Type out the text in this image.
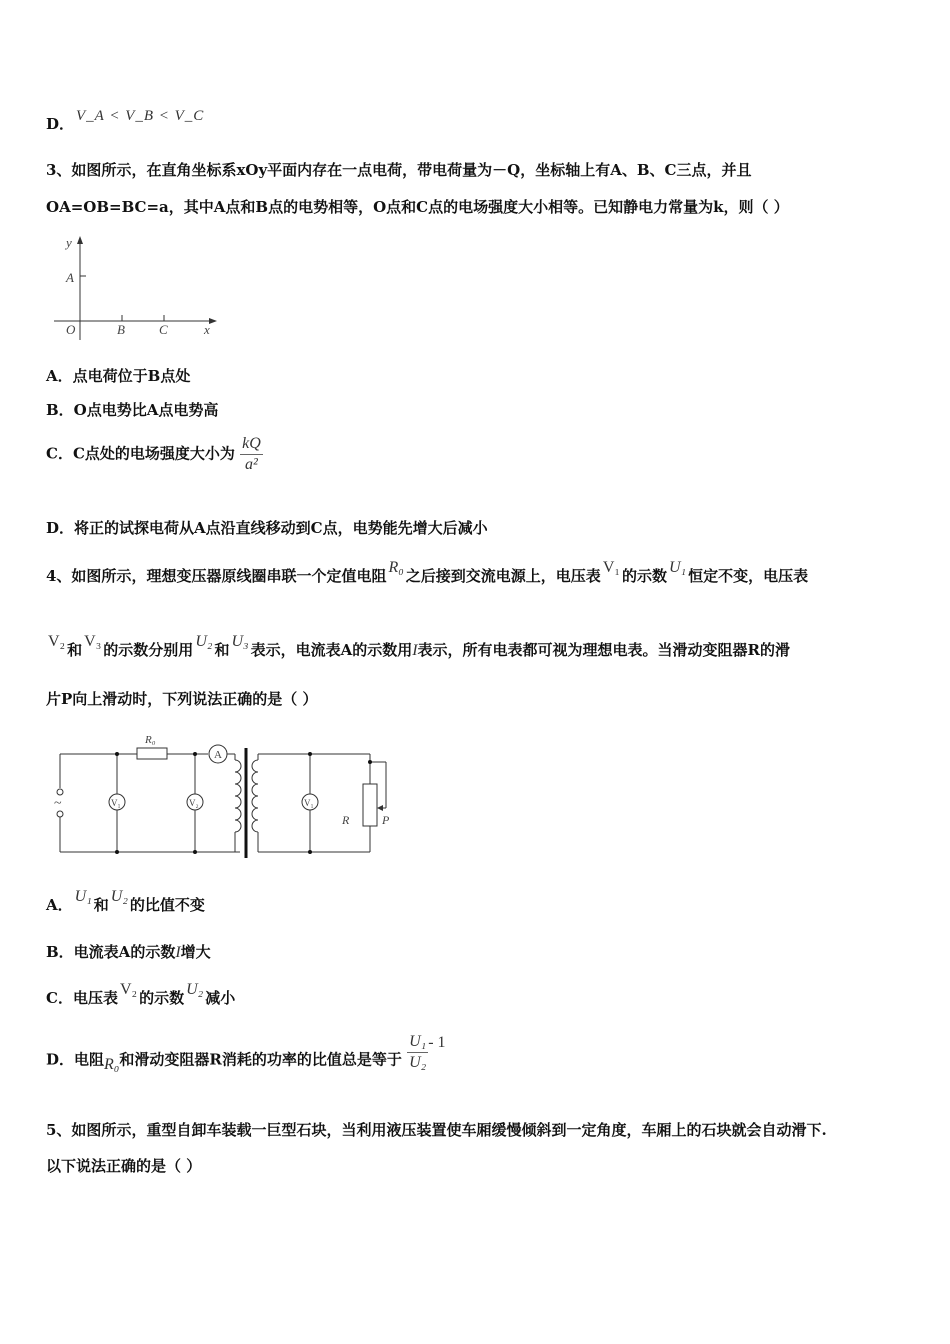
D． V_A < V_B < V_C
3、如图所示，在直角坐标系xOy平面内存在一点电荷，带电荷量为－Q，坐标轴上有A、B、C三点，并且
OA=OB=BC=a，其中A点和B点的电势相等，O点和C点的电场强度大小相等。已知静电力常量为k，则（ ）
y
A
O	B	C	x
A．点电荷位于B点处
B．O点电势比A点电势高
C．C点处的电场强度大小为 $\frac{kQ}{\text{a²}}$
D．将正的试探电荷从A点沿直线移动到C点，电势能先增大后减小
4、如图所示，理想变压器原线圈串联一个定值电阻 R₀ 之后接到交流电源上，电压表 V₁ 的示数 U₁ 恒定不变，电压表
V₂ 和 V₃ 的示数分别用 U₂ 和 U₃ 表示，电流表A的示数用I表示，所有电表都可视为理想电表。当滑动变阻器R的滑
片P向上滑动时，下列说法正确的是（ ）
R₀
A
V₁	V₂	V₁
R	P
~
A． U₁ 和 U₂ 的比值不变
B．电流表A的示数I增大
C．电压表 V₂ 的示数 U₂ 减小
D．电阻R₀和滑动变阻器R消耗的功率的比值总是等于 $\frac{\text{U₁}}{\text{U₂}} - 1$
5、如图所示，重型自卸车装载一巨型石块，当利用液压装置使车厢缓慢倾斜到一定角度，车厢上的石块就会自动滑下.
以下说法正确的是（ ）
